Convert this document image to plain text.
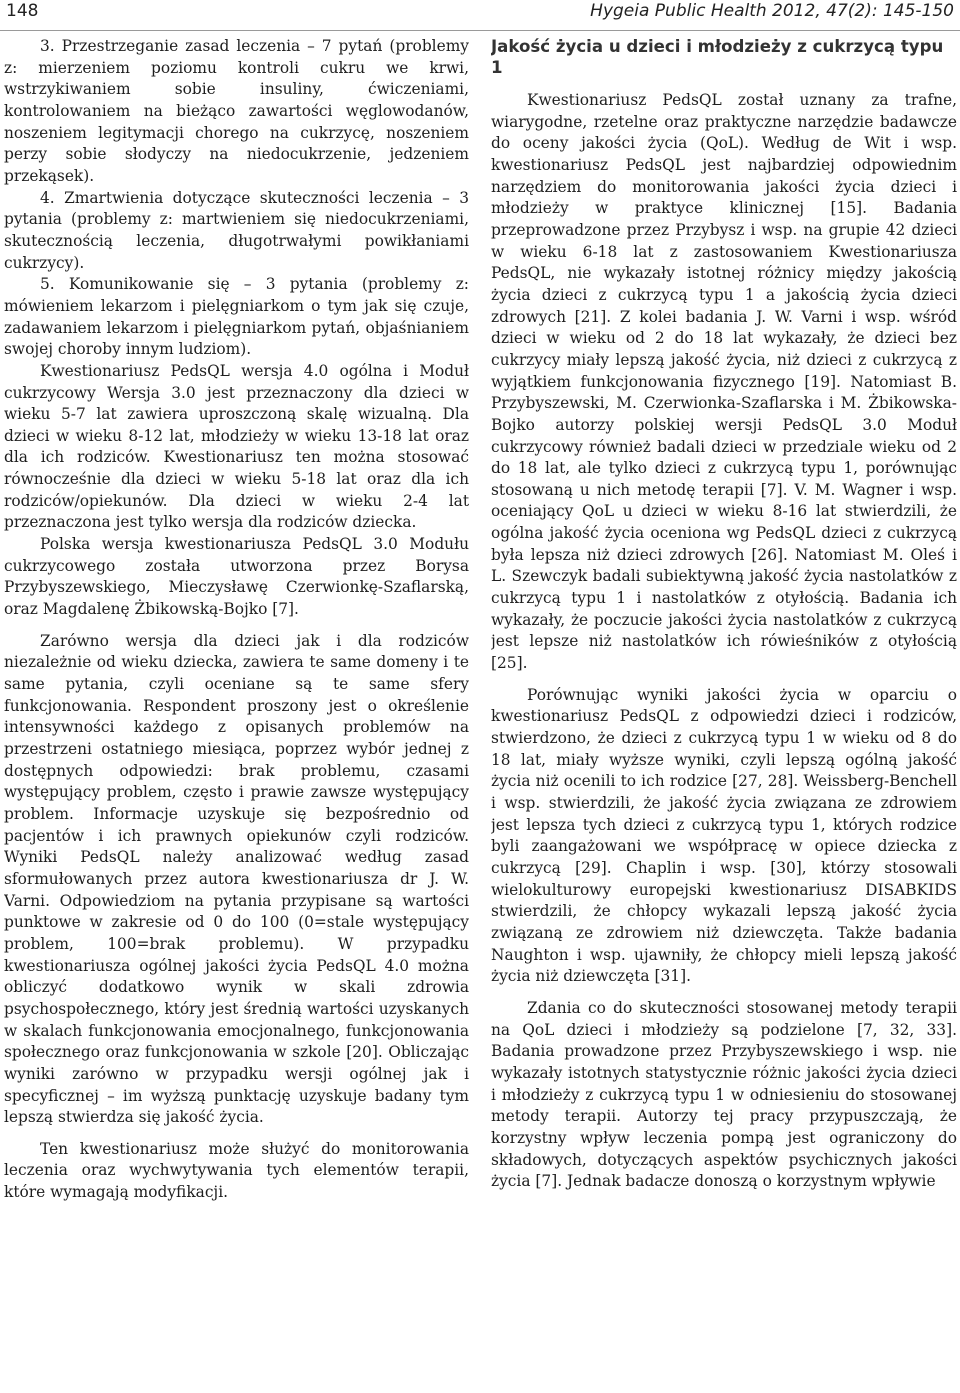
148	Hygeia Public Health 2012, 47(2): 145-150

3. Przestrzeganie zasad leczenia – 7 pytań (problemy z: mierzeniem poziomu kontroli cukru we krwi, wstrzykiwaniem sobie insuliny, ćwiczeniami, kontrolowaniem na bieżąco zawartości węglowodanów, noszeniem legitymacji chorego na cukrzycę, noszeniem perzy sobie słodyczy na niedocukrzenie, jedzeniem przekąsek).

4. Zmartwienia dotyczące skuteczności leczenia – 3 pytania (problemy z: martwieniem się niedocukrzeniami, skutecznością leczenia, długotrwałymi powikłaniami cukrzycy).

5. Komunikowanie się – 3 pytania (problemy z: mówieniem lekarzom i pielęgniarkom o tym jak się czuje, zadawaniem lekarzom i pielęgniarkom pytań, objaśnianiem swojej choroby innym ludziom).

Kwestionariusz PedsQL wersja 4.0 ogólna i Moduł cukrzycowy Wersja 3.0 jest przeznaczony dla dzieci w wieku 5-7 lat zawiera uproszczoną skalę wizualną. Dla dzieci w wieku 8-12 lat, młodzieży w wieku 13-18 lat oraz dla ich rodziców. Kwestionariusz ten można stosować równocześnie dla dzieci w wieku 5-18 lat oraz dla ich rodziców/opiekunów. Dla dzieci w wieku 2-4 lat przeznaczona jest tylko wersja dla rodziców dziecka.

Polska wersja kwestionariusza PedsQL 3.0 Modułu cukrzycowego została utworzona przez Borysa Przybyszewskiego, Mieczysławę Czerwionkę-Szaflarską, oraz Magdalenę Żbikowską-Bojko [7].

Zarówno wersja dla dzieci jak i dla rodziców niezależnie od wieku dziecka, zawiera te same domeny i te same pytania, czyli oceniane są te same sfery funkcjonowania. Respondent proszony jest o określenie intensywności każdego z opisanych problemów na przestrzeni ostatniego miesiąca, poprzez wybór jednej z dostępnych odpowiedzi: brak problemu, czasami występujący problem, często i prawie zawsze występujący problem. Informacje uzyskuje się bezpośrednio od pacjentów i ich prawnych opiekunów czyli rodziców. Wyniki PedsQL należy analizować według zasad sformułowanych przez autora kwestionariusza dr J. W. Varni. Odpowiedziom na pytania przypisane są wartości punktowe w zakresie od 0 do 100 (0=stale występujący problem, 100=brak problemu). W przypadku kwestionariusza ogólnej jakości życia PedsQL 4.0 można obliczyć dodatkowo wynik w skali zdrowia psychospołecznego, który jest średnią wartości uzyskanych w skalach funkcjonowania emocjonalnego, funkcjonowania społecznego oraz funkcjonowania w szkole [20]. Obliczając wyniki zarówno w przypadku wersji ogólnej jak i specyficznej – im wyższą punktację uzyskuje badany tym lepszą stwierdza się jakość życia.

Ten kwestionariusz może służyć do monitorowania leczenia oraz wychwytywania tych elementów terapii, które wymagają modyfikacji.

Jakość życia u dzieci i młodzieży z cukrzycą typu 1

Kwestionariusz PedsQL został uznany za trafne, wiarygodne, rzetelne oraz praktyczne narzędzie badawcze do oceny jakości życia (QoL). Według de Wit i wsp. kwestionariusz PedsQL jest najbardziej odpowiednim narzędziem do monitorowania jakości życia dzieci i młodzieży w praktyce klinicznej [15]. Badania przeprowadzone przez Przybysz i wsp. na grupie 42 dzieci w wieku 6-18 lat z zastosowaniem Kwestionariusza PedsQL, nie wykazały istotnej różnicy między jakością życia dzieci z cukrzycą typu 1 a jakością życia dzieci zdrowych [21]. Z kolei badania J. W. Varni i wsp. wśród dzieci w wieku od 2 do 18 lat wykazały, że dzieci bez cukrzycy miały lepszą jakość życia, niż dzieci z cukrzycą z wyjątkiem funkcjonowania fizycznego [19]. Natomiast B. Przybyszewski, M. Czerwionka-Szaflarska i M. Żbikowska-Bojko autorzy polskiej wersji PedsQL 3.0 Moduł cukrzycowy również badali dzieci w przedziale wieku od 2 do 18 lat, ale tylko dzieci z cukrzycą typu 1, porównując stosowaną u nich metodę terapii [7]. V. M. Wagner i wsp. oceniający QoL u dzieci w wieku 8-16 lat stwierdzili, że ogólna jakość życia oceniona wg PedsQL dzieci z cukrzycą była lepsza niż dzieci zdrowych [26]. Natomiast M. Oleś i L. Szewczyk badali subiektywną jakość życia nastolatków z cukrzycą typu 1 i nastolatków z otyłością. Badania ich wykazały, że poczucie jakości życia nastolatków z cukrzycą jest lepsze niż nastolatków ich rówieśników z otyłością [25].

Porównując wyniki jakości życia w oparciu o kwestionariusz PedsQL z odpowiedzi dzieci i rodziców, stwierdzono, że dzieci z cukrzycą typu 1 w wieku od 8 do 18 lat, miały wyższe wyniki, czyli lepszą ogólną jakość życia niż ocenili to ich rodzice [27, 28]. Weissberg-Benchell i wsp. stwierdzili, że jakość życia związana ze zdrowiem jest lepsza tych dzieci z cukrzycą typu 1, których rodzice byli zaangażowani we współpracę w opiece dziecka z cukrzycą [29]. Chaplin i wsp. [30], którzy stosowali wielokulturowy europejski kwestionariusz DISABKIDS stwierdzili, że chłopcy wykazali lepszą jakość życia związaną ze zdrowiem niż dziewczęta. Także badania Naughton i wsp. ujawniły, że chłopcy mieli lepszą jakość życia niż dziewczęta [31].

Zdania co do skuteczności stosowanej metody terapii na QoL dzieci i młodzieży są podzielone [7, 32, 33]. Badania prowadzone przez Przybyszewskiego i wsp. nie wykazały istotnych statystycznie różnic jakości życia dzieci i młodzieży z cukrzycą typu 1 w odniesieniu do stosowanej metody terapii. Autorzy tej pracy przypuszczają, że korzystny wpływ leczenia pompą jest ograniczony do składowych, dotyczących aspektów psychicznych jakości życia [7]. Jednak badacze donoszą o korzystnym wpływie
